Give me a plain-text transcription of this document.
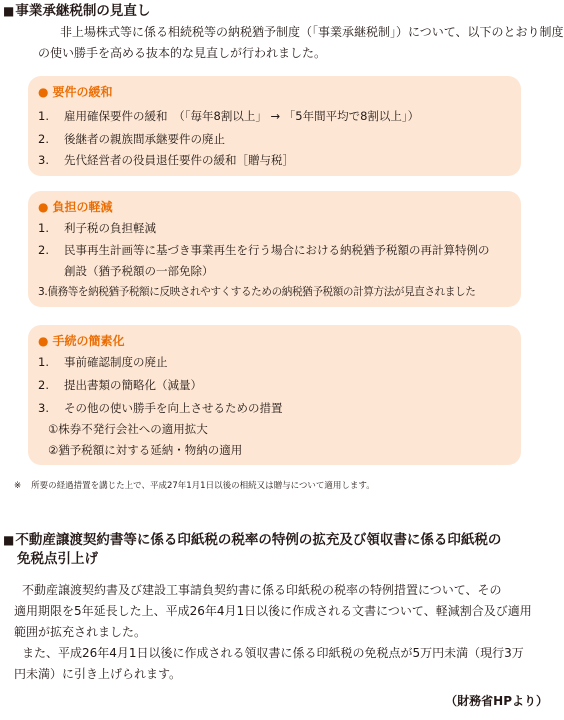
■事業承継税制の見直し
非上場株式等に係る相続税等の納税猶予制度（「事業承継税制」）について、以下のとおり制度
の使い勝手を高める抜本的な見直しが行われました。
● 要件の緩和
1. 雇用確保要件の緩和　（「毎年8割以上」 → 「5年間平均で8割以上」）
2. 後継者の親族間承継要件の廃止
3. 先代経営者の役員退任要件の緩和［贈与税］
● 負担の軽減
1. 利子税の負担軽減
2. 民事再生計画等に基づき事業再生を行う場合における納税猶予税額の再計算特例の
創設（猶予税額の一部免除）
3.債務等を納税猶予税額に反映されやすくするための納税猶予税額の計算方法が見直されました
● 手続の簡素化
1. 事前確認制度の廃止
2. 提出書類の簡略化（減量）
3. その他の使い勝手を向上させるための措置
①株券不発行会社への適用拡大
②猶予税額に対する延納・物納の適用
※ 所要の経過措置を講じた上で、平成27年1月1日以後の相続又は贈与について適用します。
■不動産譲渡契約書等に係る印紙税の税率の特例の拡充及び領収書に係る印紙税の
免税点引上げ
不動産譲渡契約書及び建設工事請負契約書に係る印紙税の税率の特例措置について、その
適用期限を5年延長した上、平成26年4月1日以後に作成される文書について、軽減割合及び適用
範囲が拡充されました。
また、平成26年4月1日以後に作成される領収書に係る印紙税の免税点が5万円未満（現行3万
円未満）に引き上げられます。
（財務省HPより）
